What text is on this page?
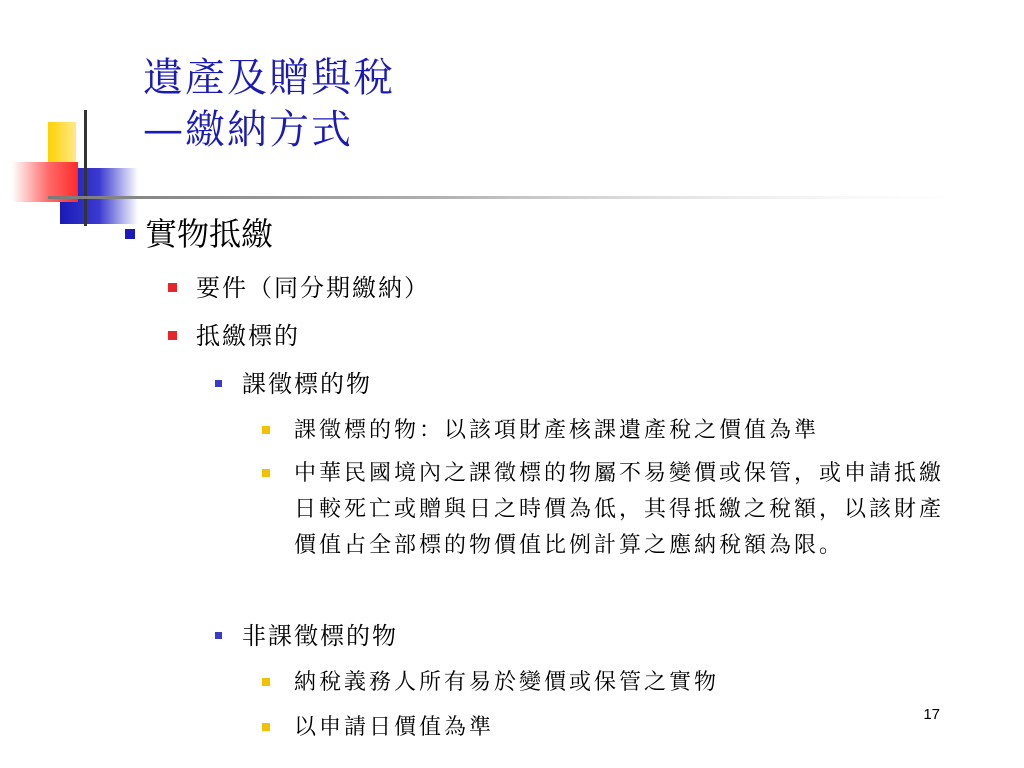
遺產及贈與稅
—繳納方式
實物抵繳
要件（同分期繳納）
抵繳標的
課徵標的物
課徵標的物：以該項財產核課遺產稅之價值為準
中華民國境內之課徵標的物屬不易變價或保管，或申請抵繳日較死亡或贈與日之時價為低，其得抵繳之稅額，以該財產價值占全部標的物價值比例計算之應納稅額為限。
非課徵標的物
納稅義務人所有易於變價或保管之實物
以申請日價值為準
17
